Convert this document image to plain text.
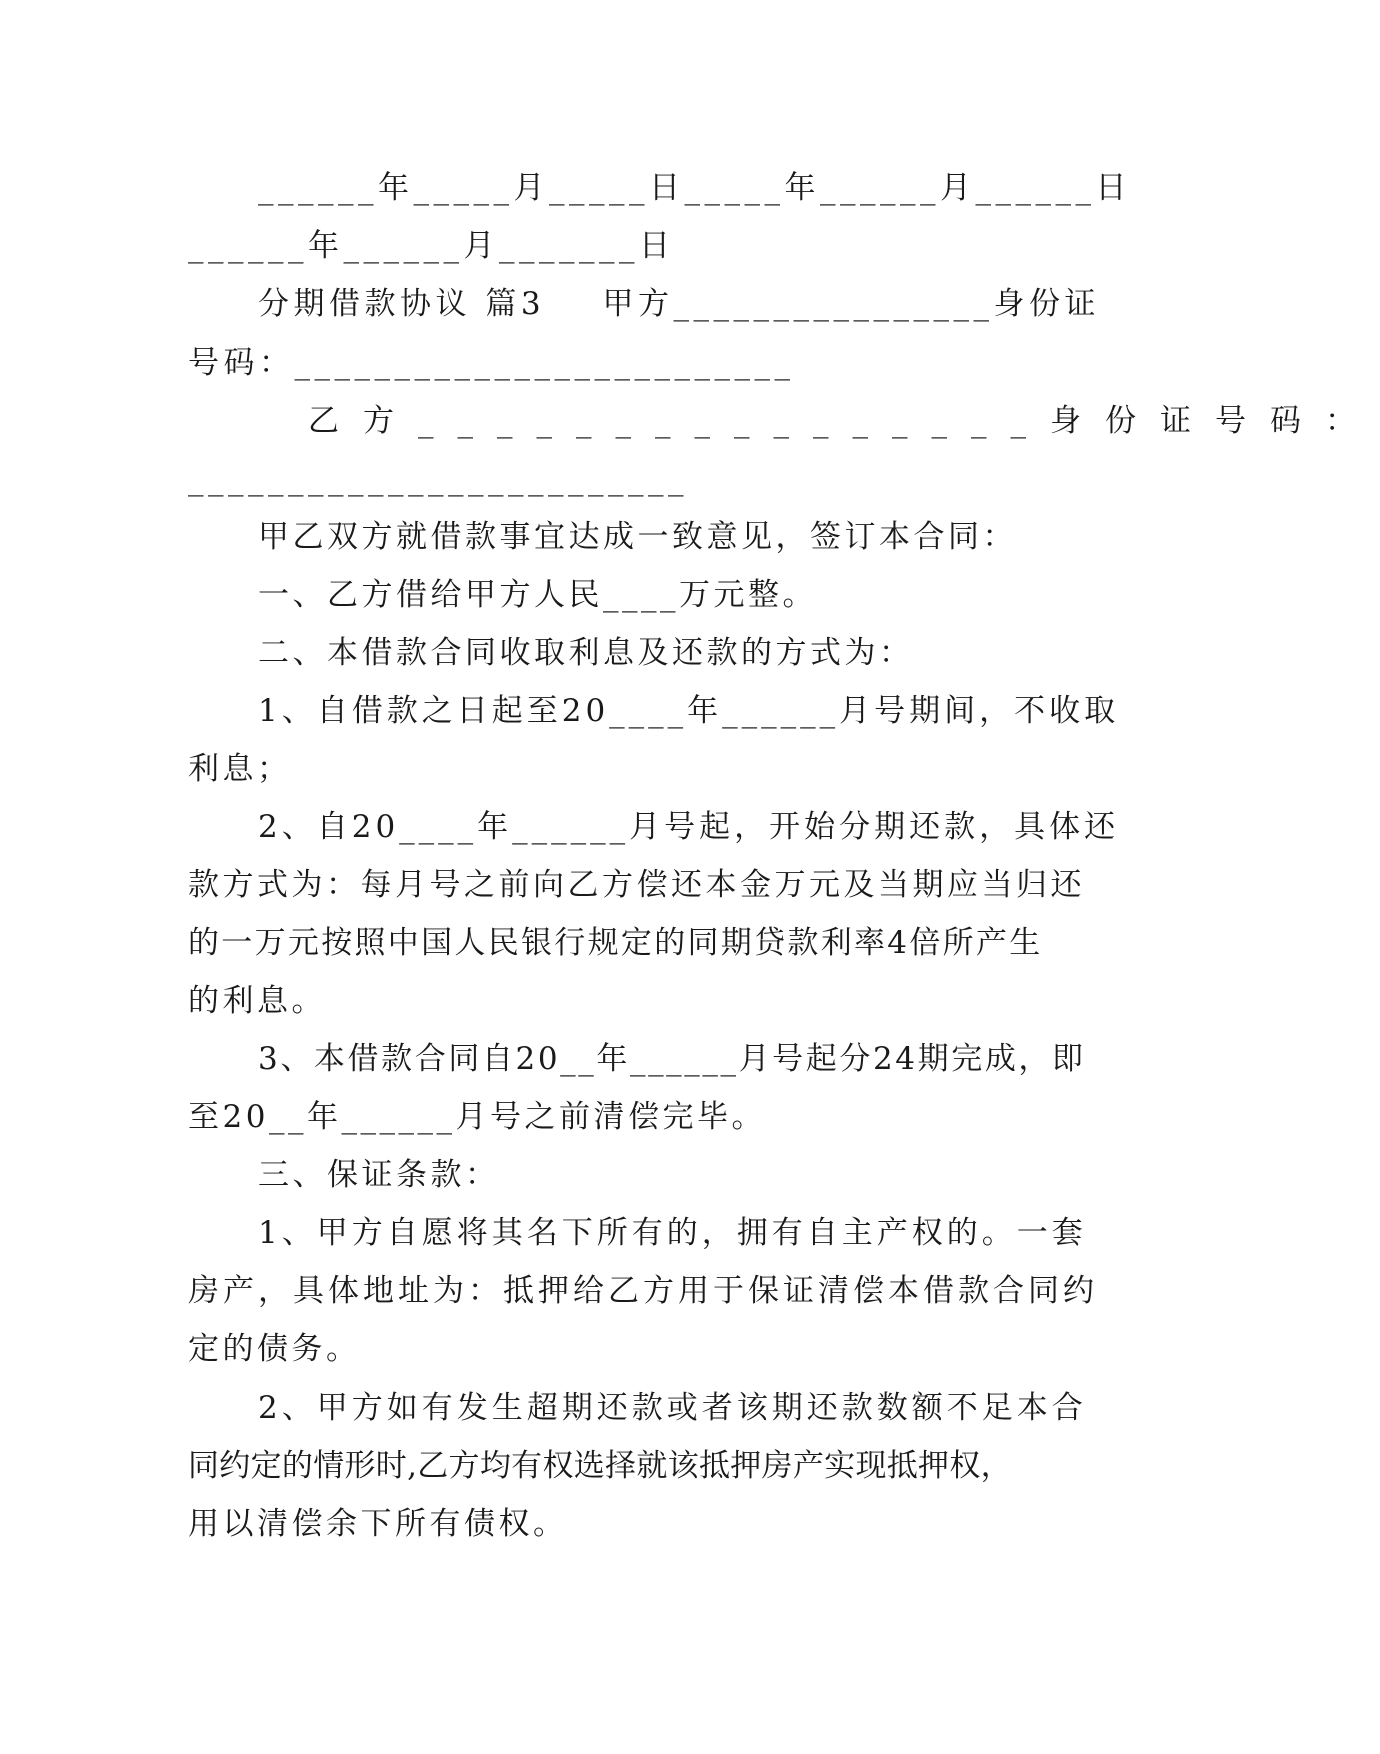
______年_____月_____日_____年______月______日
______年______月_______日
分期借款协议 篇3    甲方________________身份证
号码：_________________________
乙方________________身份证号码：
_________________________
甲乙双方就借款事宜达成一致意见，签订本合同：
一、乙方借给甲方人民____万元整。
二、本借款合同收取利息及还款的方式为：
1、自借款之日起至20____年______月号期间，不收取
利息；
2、自20____年______月号起，开始分期还款，具体还
款方式为：每月号之前向乙方偿还本金万元及当期应当归还
的一万元按照中国人民银行规定的同期贷款利率4倍所产生
的利息。
3、本借款合同自20__年______月号起分24期完成，即
至20__年______月号之前清偿完毕。
三、保证条款：
1、甲方自愿将其名下所有的，拥有自主产权的。一套
房产，具体地址为：抵押给乙方用于保证清偿本借款合同约
定的债务。
2、甲方如有发生超期还款或者该期还款数额不足本合
同约定的情形时,乙方均有权选择就该抵押房产实现抵押权，
用以清偿余下所有债权。
